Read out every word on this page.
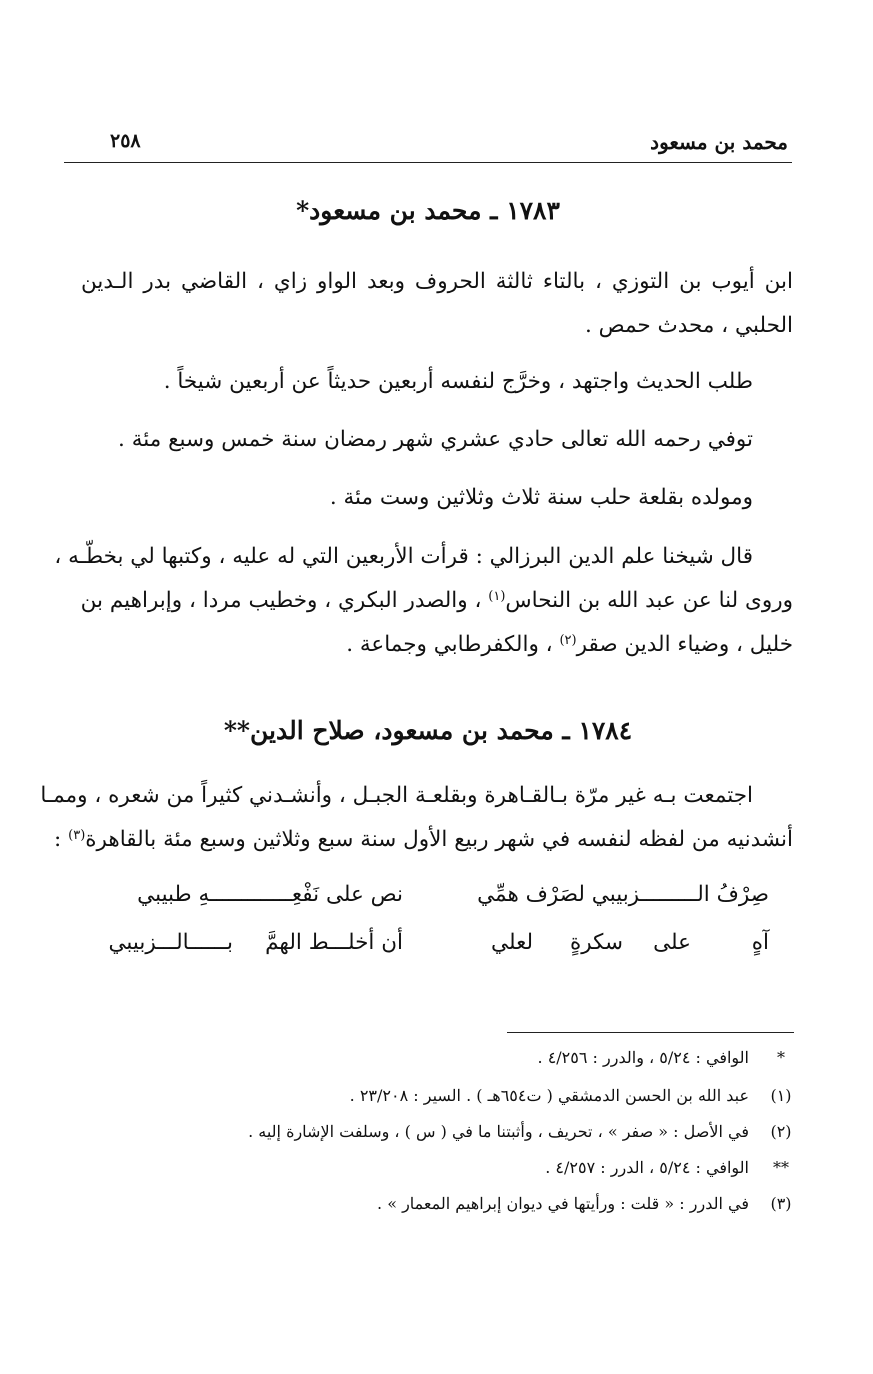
محمد بن مسعود
٢٥٨
١٧٨٣ ـ محمد بن مسعود*
ابن أيوب بن التوزي ، بالتاء ثالثة الحروف وبعد الواو زاي ، القاضي بدر الـدين
الحلبي ، محدث حمص .
طلب الحديث واجتهد ، وخرَّج لنفسه أربعين حديثاً عن أربعين شيخاً .
توفي رحمه الله تعالى حادي عشري شهر رمضان سنة خمس وسبع مئة .
ومولده بقلعة حلب سنة ثلاث وثلاثين وست مئة .
قال شيخنا علم الدين البرزالي : قرأت الأربعين التي له عليه ، وكتبها لي بخطّـه ،
وروى لنا عن عبد الله بن النحاس$^{(١)}$ ، والصدر البكري ، وخطيب مردا ، وإبراهيم بن
خليل ، وضياء الدين صقر$^{(٢)}$ ، والكفرطابي وجماعة .
١٧٨٤ ـ محمد بن مسعود، صلاح الدين**
اجتمعت بـه غير مرّة بـالقـاهرة وبقلعـة الجبـل ، وأنشـدني كثيراً من شعره ، وممـا
أنشدنيه من لفظه لنفسه في شهر ربيع الأول سنة سبع وثلاثين وسبع مئة بالقاهرة$^{(٣)}$ :
صِرْفُ الـــــــــزبيبي لصَرْف همِّي
نص على نَفْعِـــــــــــــهِ طبيبي
آهٍ
على
سكرةٍ
لعلي
أن أخلـــط الهمَّ
بــــــالـــزبيبي
*
الوافي : ٥/٢٤ ، والدرر : ٤/٢٥٦ .
(١)
عبد الله بن الحسن الدمشقي ( ت٦٥٤هـ ) . السير : ٢٣/٢٠٨ .
(٢)
في الأصل : « صفر » ، تحريف ، وأثبتنا ما في ( س ) ، وسلفت الإشارة إليه .
**
الوافي : ٥/٢٤ ، الدرر : ٤/٢٥٧ .
(٣)
في الدرر : « قلت : ورأيتها في ديوان إبراهيم المعمار » .
